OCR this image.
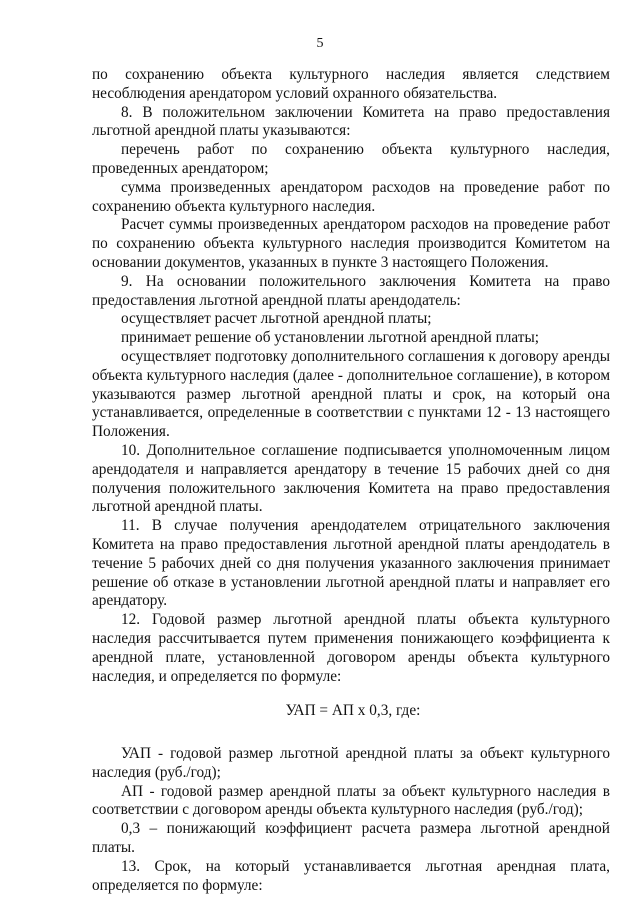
5

по сохранению объекта культурного наследия является следствием несоблюдения арендатором условий охранного обязательства.

8. В положительном заключении Комитета на право предоставления льготной арендной платы указываются:

перечень работ по сохранению объекта культурного наследия, проведенных арендатором;

сумма произведенных арендатором расходов на проведение работ по сохранению объекта культурного наследия.

Расчет суммы произведенных арендатором расходов на проведение работ по сохранению объекта культурного наследия производится Комитетом на основании документов, указанных в пункте 3 настоящего Положения.

9. На основании положительного заключения Комитета на право предоставления льготной арендной платы арендодатель:

осуществляет расчет льготной арендной платы;

принимает решение об установлении льготной арендной платы;

осуществляет подготовку дополнительного соглашения к договору аренды объекта культурного наследия (далее - дополнительное соглашение), в котором указываются размер льготной арендной платы и срок, на который она устанавливается, определенные в соответствии с пунктами 12 - 13 настоящего Положения.

10. Дополнительное соглашение подписывается уполномоченным лицом арендодателя и направляется арендатору в течение 15 рабочих дней со дня получения положительного заключения Комитета на право предоставления льготной арендной платы.

11. В случае получения арендодателем отрицательного заключения Комитета на право предоставления льготной арендной платы арендодатель в течение 5 рабочих дней со дня получения указанного заключения принимает решение об отказе в установлении льготной арендной платы и направляет его арендатору.

12. Годовой размер льготной арендной платы объекта культурного наследия рассчитывается путем применения понижающего коэффициента к арендной плате, установленной договором аренды объекта культурного наследия, и определяется по формуле:

УАП = АП х 0,3, где:

УАП - годовой размер льготной арендной платы за объект культурного наследия (руб./год);

АП - годовой размер арендной платы за объект культурного наследия в соответствии с договором аренды объекта культурного наследия (руб./год);

0,3 – понижающий коэффициент расчета размера льготной арендной платы.

13. Срок, на который устанавливается льготная арендная плата, определяется по формуле:
